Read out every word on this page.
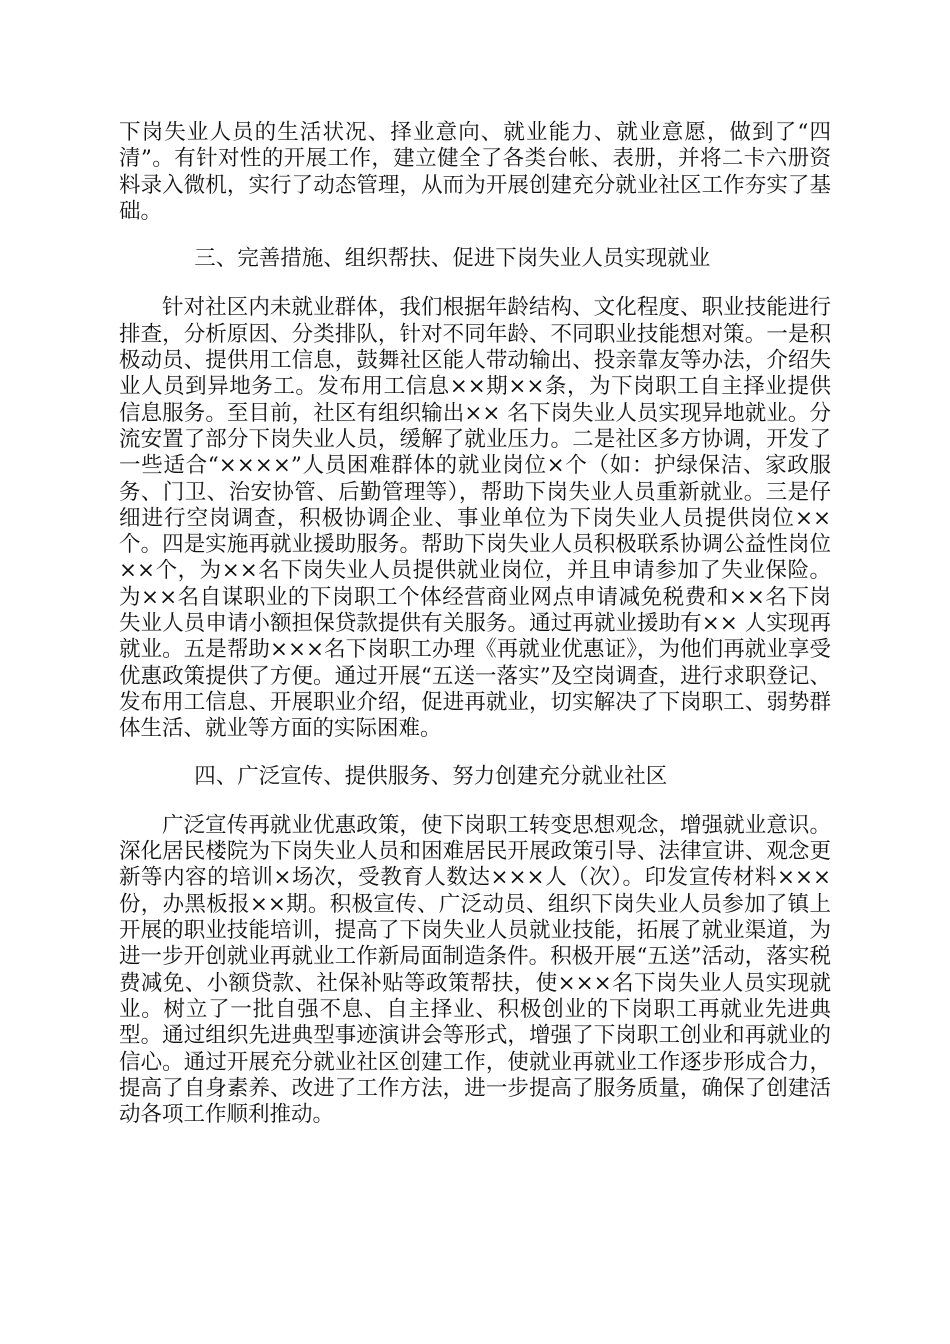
下岗失业人员的生活状况、择业意向、就业能力、就业意愿，做到了“四清”。有针对性的开展工作，建立健全了各类台帐、表册，并将二卡六册资料录入微机，实行了动态管理，从而为开展创建充分就业社区工作夯实了基础。

三、完善措施、组织帮扶、促进下岗失业人员实现就业

针对社区内未就业群体，我们根据年龄结构、文化程度、职业技能进行排查，分析原因、分类排队，针对不同年龄、不同职业技能想对策。一是积极动员、提供用工信息，鼓舞社区能人带动输出、投亲靠友等办法，介绍失业人员到异地务工。发布用工信息××期××条，为下岗职工自主择业提供信息服务。至目前，社区有组织输出×× 名下岗失业人员实现异地就业。分流安置了部分下岗失业人员，缓解了就业压力。二是社区多方协调，开发了一些适合“××××”人员困难群体的就业岗位×个（如：护绿保洁、家政服务、门卫、治安协管、后勤管理等），帮助下岗失业人员重新就业。三是仔细进行空岗调查，积极协调企业、事业单位为下岗失业人员提供岗位××个。四是实施再就业援助服务。帮助下岗失业人员积极联系协调公益性岗位××个，为××名下岗失业人员提供就业岗位，并且申请参加了失业保险。为××名自谋职业的下岗职工个体经营商业网点申请减免税费和××名下岗失业人员申请小额担保贷款提供有关服务。通过再就业援助有×× 人实现再就业。五是帮助×××名下岗职工办理《再就业优惠证》，为他们再就业享受优惠政策提供了方便。通过开展“五送一落实”及空岗调查，进行求职登记、发布用工信息、开展职业介绍，促进再就业，切实解决了下岗职工、弱势群体生活、就业等方面的实际困难。

四、广泛宣传、提供服务、努力创建充分就业社区

广泛宣传再就业优惠政策，使下岗职工转变思想观念，增强就业意识。深化居民楼院为下岗失业人员和困难居民开展政策引导、法律宣讲、观念更新等内容的培训×场次，受教育人数达×××人（次）。印发宣传材料×××份，办黑板报××期。积极宣传、广泛动员、组织下岗失业人员参加了镇上开展的职业技能培训，提高了下岗失业人员就业技能，拓展了就业渠道，为进一步开创就业再就业工作新局面制造条件。积极开展“五送”活动，落实税费减免、小额贷款、社保补贴等政策帮扶，使×××名下岗失业人员实现就业。树立了一批自强不息、自主择业、积极创业的下岗职工再就业先进典型。通过组织先进典型事迹演讲会等形式，增强了下岗职工创业和再就业的信心。通过开展充分就业社区创建工作，使就业再就业工作逐步形成合力，提高了自身素养、改进了工作方法，进一步提高了服务质量，确保了创建活动各项工作顺利推动。
